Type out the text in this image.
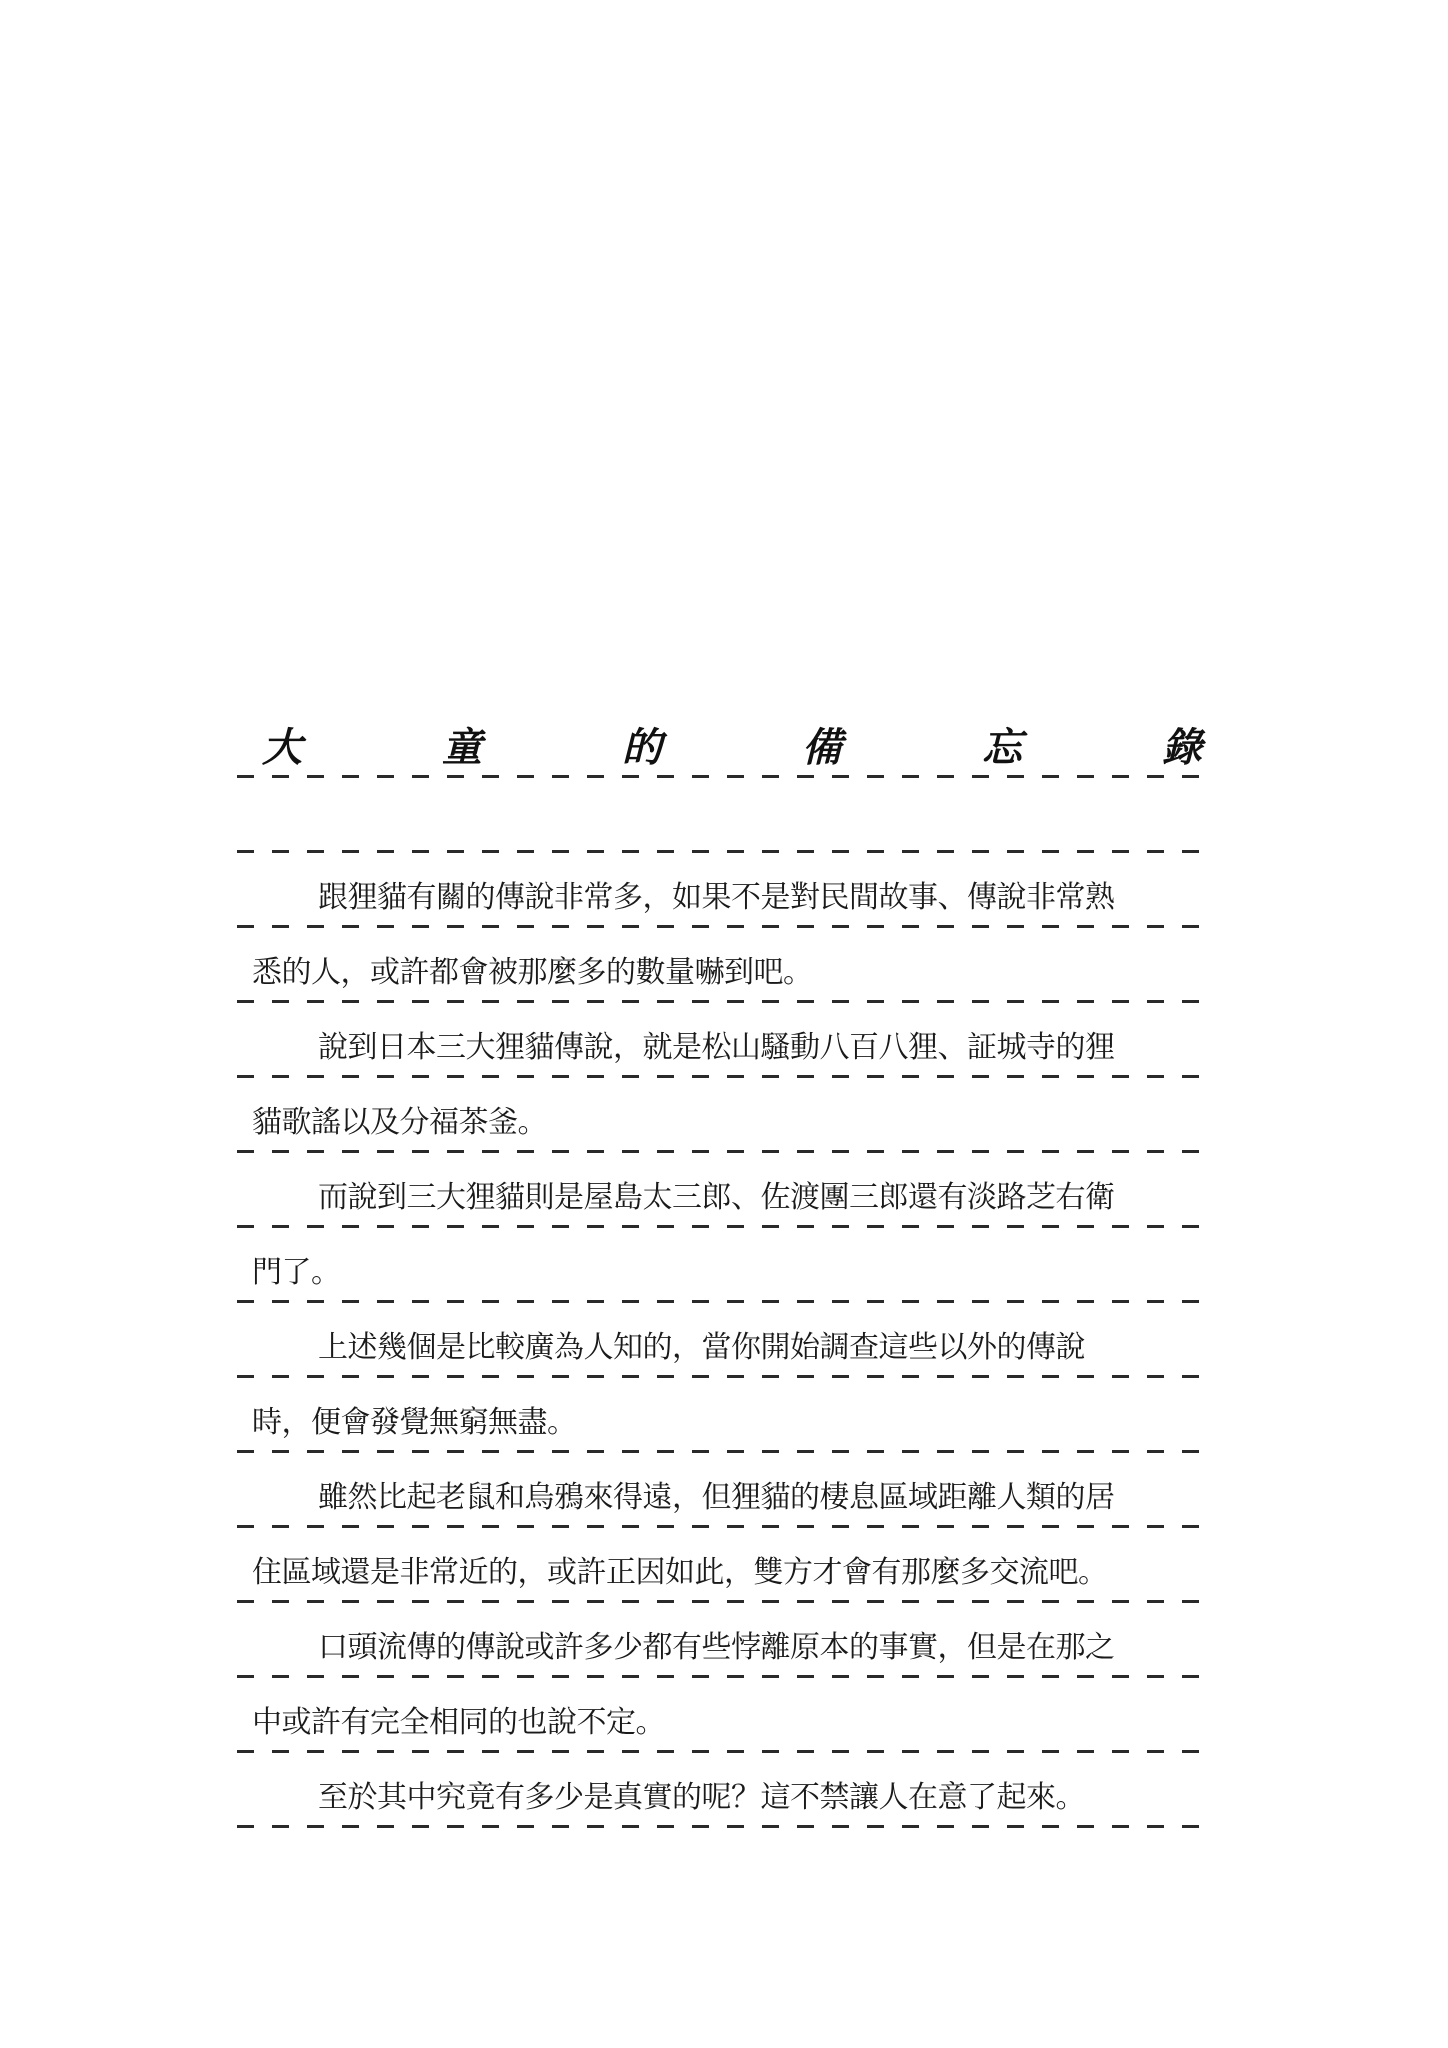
大	童	的	備	忘	錄
跟狸貓有關的傳說非常多，如果不是對民間故事、傳說非常熟
悉的人，或許都會被那麼多的數量嚇到吧。
說到日本三大狸貓傳說，就是松山騷動八百八狸、証城寺的狸
貓歌謠以及分福茶釜。
而說到三大狸貓則是屋島太三郎、佐渡團三郎還有淡路芝右衛
門了。
上述幾個是比較廣為人知的，當你開始調查這些以外的傳說
時，便會發覺無窮無盡。
雖然比起老鼠和烏鴉來得遠，但狸貓的棲息區域距離人類的居
住區域還是非常近的，或許正因如此，雙方才會有那麼多交流吧。
口頭流傳的傳說或許多少都有些悖離原本的事實，但是在那之
中或許有完全相同的也說不定。
至於其中究竟有多少是真實的呢？這不禁讓人在意了起來。
